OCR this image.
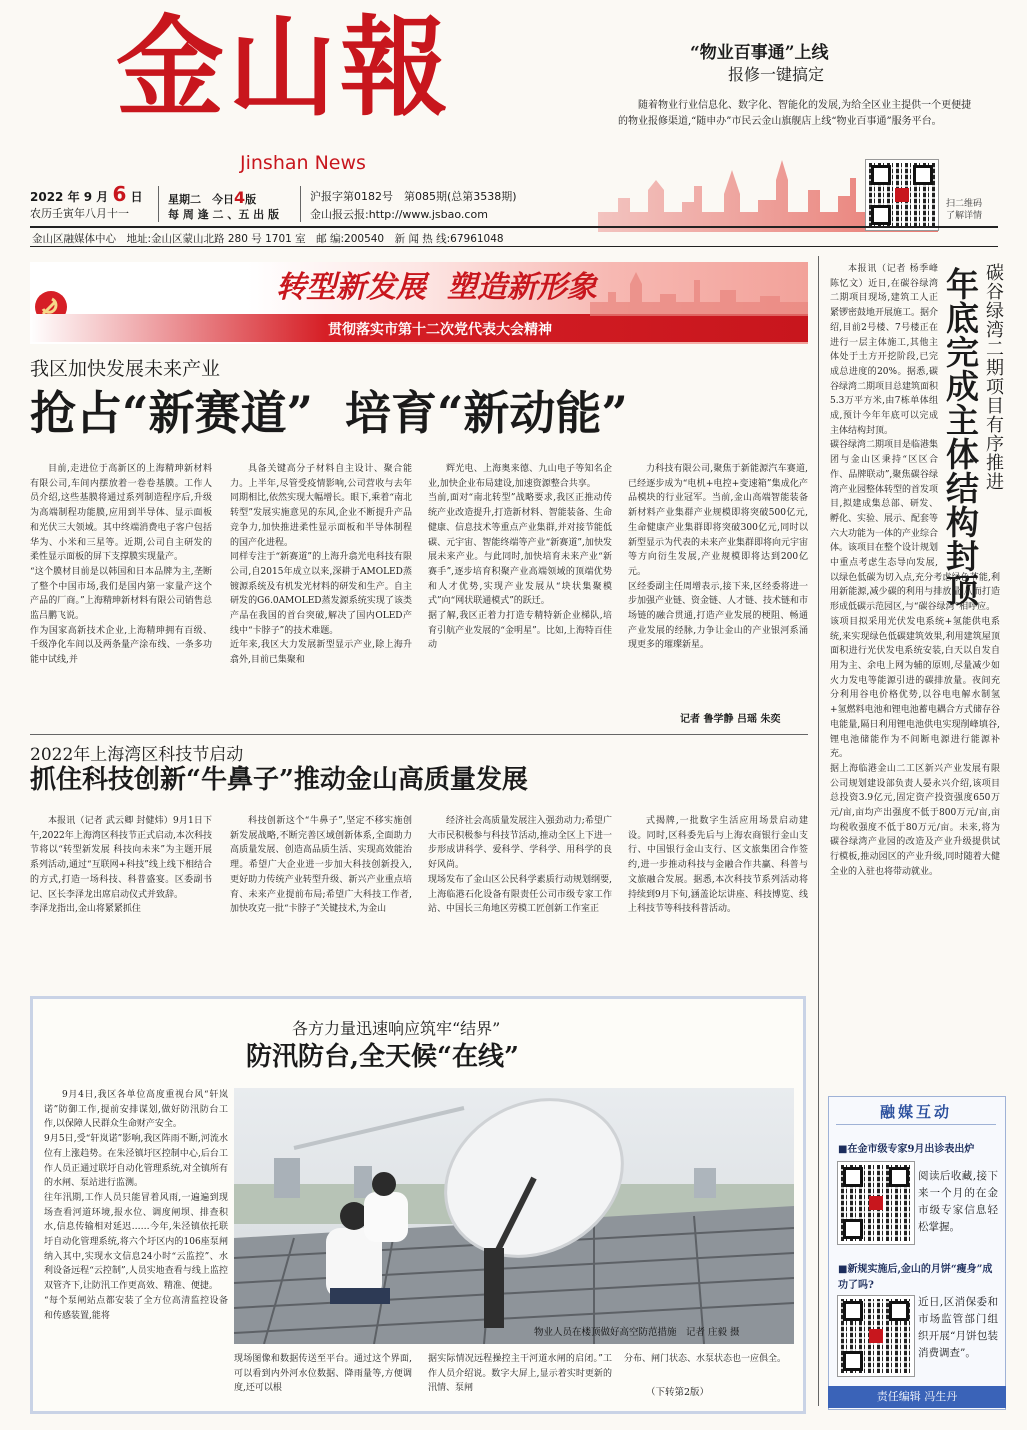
金山報
Jinshan News
2022 年 9 月 6 日
农历壬寅年八月十一
星期二　 今日4版
每 周 逢 二 、五 出 版
沪报字第0182号　第085期(总第3538期)
金山报云报:http://www.jsbao.com
“物业百事通”上线
报修一键搞定
随着物业行业信息化、数字化、智能化的发展,为给全区业主提供一个更便捷的物业报修渠道,“随申办”市民云金山旗舰店上线“物业百事通”服务平台。
扫二维码
了解详情
金山区融媒体中心　地址:金山区蒙山北路 280 号 1701 室　邮 编:200540　新 闻 热 线:67961048
转型新发展  塑造新形象
贯彻落实市第十二次党代表大会精神
我区加快发展未来产业
抢占“新赛道”  培育“新动能”
目前,走进位于高新区的上海精珅新材料有限公司,车间内摆放着一卷卷基膜。工作人员介绍,这些基膜将通过系列制造程序后,升级为高端制程功能膜,应用到半导体、显示面板和光伏三大领域。其中终端消费电子客户包括华为、小米和三星等。近期,公司自主研发的柔性显示面板的屏下支撑膜实现量产。
“这个膜材目前是以韩国和日本品牌为主,垄断了整个中国市场,我们是国内第一家量产这个产品的厂商。”上海精珅新材料有限公司销售总监吕鹏飞说。
作为国家高新技术企业,上海精珅拥有百级、千级净化车间以及两条量产涂布线、一条多功能中试线,并
具备关键高分子材料自主设计、聚合能力。上半年,尽管受疫情影响,公司营收与去年同期相比,依然实现大幅增长。眼下,乘着“南北转型”发展实施意见的东风,企业不断提升产品竞争力,加快推进柔性显示面板和半导体制程的国产化进程。
同样专注于“新赛道”的上海升翕光电科技有限公司,自2015年成立以来,深耕于AMOLED蒸镀源系统及有机发光材料的研发和生产。自主研发的G6.0AMOLED蒸发源系统实现了该类产品在我国的首台突破,解决了国内OLED产线中“卡脖子”的技术难题。
近年来,我区大力发展新型显示产业,除上海升翕外,目前已集聚和
辉光电、上海奥来德、九山电子等知名企业,加快企业布局建设,加速资源整合共享。
当前,面对“南北转型”战略要求,我区正推动传统产业改造提升,打造新材料、智能装备、生命健康、信息技术等重点产业集群,并对接节能低碳、元宇宙、智能终端等产业“新赛道”,加快发展未来产业。与此同时,加快培育未来产业“新赛手”,逐步培育积聚产业高端领域的顶端优势和人才优势,实现产业发展从“块状集聚模式”向“网状联通模式”的跃迁。
据了解,我区正着力打造专精特新企业梯队,培育引航产业发展的“金明星”。比如,上海特百佳动
力科技有限公司,聚焦于新能源汽车赛道,已经逐步成为“电机+电控+变速箱”集成化产品模块的行业冠军。当前,金山高端智能装备新材料产业集群产业规模即将突破500亿元,生命健康产业集群即将突破300亿元,同时以新型显示为代表的未来产业集群即将向元宇宙等方向衍生发展,产业规模即将达到200亿元。
区经委副主任周增表示,接下来,区经委将进一步加强产业链、资金链、人才链、技术链和市场链的融合贯通,打造产业发展的梗阻、畅通产业发展的经脉,力争让金山的产业银河系涌现更多的璀璨新星。
记者 鲁学静 吕瑶 朱奕
2022年上海湾区科技节启动
抓住科技创新“牛鼻子”推动金山高质量发展
本报讯（记者 武云卿 封健炜）9月1日下午,2022年上海湾区科技节正式启动,本次科技节将以“转型新发展 科技向未来”为主题开展系列活动,通过“互联网+科技”线上线下相结合的方式,打造一场科技、科普盛宴。区委副书记、区长李泽龙出席启动仪式并致辞。
李泽龙指出,金山将紧紧抓住
科技创新这个“牛鼻子”,坚定不移实施创新发展战略,不断完善区域创新体系,全面助力高质量发展、创造高品质生活、实现高效能治理。希望广大企业进一步加大科技创新投入,更好助力传统产业转型升级、新兴产业重点培育、未来产业提前布局;希望广大科技工作者,加快攻克一批“卡脖子”关键技术,为金山
经济社会高质量发展注入强劲动力;希望广大市民积极参与科技节活动,推动全区上下进一步形成讲科学、爱科学、学科学、用科学的良好风尚。
现场发布了金山区公民科学素质行动规划纲要,上海临港石化设备有限责任公司市级专家工作站、中国长三角地区劳模工匠创新工作室正
式揭牌,一批数字生活应用场景启动建设。同时,区科委先后与上海农商银行金山支行、中国银行金山支行、区文旅集团合作签约,进一步推动科技与金融合作共赢、科普与文旅融合发展。据悉,本次科技节系列活动将持续到9月下旬,涵盖论坛讲座、科技博览、线上科技节等科技科普活动。
各方力量迅速响应筑牢“结界”
防汛防台,全天候“在线”
9月4日,我区各单位高度重视台风“轩岚诺”防御工作,提前安排谋划,做好防汛防台工作,以保障人民群众生命财产安全。
9月5日,受“轩岚诺”影响,我区阵雨不断,河流水位有上涨趋势。在朱泾镇圩区控制中心,后台工作人员正通过联圩自动化管理系统,对全镇所有的水闸、泵站进行监测。
往年汛期,工作人员只能冒着风雨,一遍遍到现场查看河道环境,报水位、调度闸坝、排查积水,信息传输相对延迟……今年,朱泾镇依托联圩自动化管理系统,将六个圩区内的106座泵闸纳入其中,实现水文信息24小时“云监控”、水利设备远程“云控制”,人员实地查看与线上监控双管齐下,让防汛工作更高效、精准、便捷。
“每个泵闸站点都安装了全方位高清监控设备和传感装置,能将
物业人员在楼顶做好高空防范措施　记者 庄毅 摄
现场图像和数据传送至平台。通过这个界面,可以看到内外河水位数据、降雨量等,方便调度,还可以根
据实际情况远程操控主干河道水闸的启闭。”工作人员介绍说。数字大屏上,显示着实时更新的汛情、泵闸
分布、闸门状态、水泵状态也一应俱全。
（下转第2版）
碳谷绿湾二期项目有序推进
年底完成主体结构封顶
本报讯（记者 杨季峰 陈忆文）近日,在碳谷绿湾二期项目现场,建筑工人正紧锣密鼓地开展施工。据介绍,目前2号楼、7号楼正在进行一层主体施工,其他主体处于土方开挖阶段,已完成总进度的20%。据悉,碳谷绿湾二期项目总建筑面积5.3万平方米,由7栋单体组成,预计今年年底可以完成主体结构封顶。
碳谷绿湾二期项目是临港集团与金山区秉持“区区合作、品牌联动”,聚焦碳谷绿湾产业园整体转型的首发项目,拟建成集总部、研发、孵化、实验、展示、配套等六大功能为一体的产业综合体。该项目在整个设计规划中重点考虑生态导向发展,以绿色低碳为切入点,充分考虑绿色节能,利用新能源,减少碳的利用与排放量,从而打造形成低碳示范园区,与“碳谷绿湾”相呼应。
该项目拟采用光伏发电系统+氢能供电系统,来实现绿色低碳建筑效果,利用建筑屋顶面积进行光伏发电系统安装,白天以自发自用为主、余电上网为辅的原则,尽量减少如火力发电等能源引进的碳排放量。夜间充分利用谷电价格优势,以谷电电解水制氢+氢燃料电池和锂电池蓄电耦合方式储存谷电能量,隔日利用锂电池供电实现削峰填谷,锂电池储能作为不间断电源进行能源补充。
据上海临港金山二工区新兴产业发展有限公司规划建设部负责人晏永兴介绍,该项目总投资3.9亿元,固定资产投资强度650万元/亩,亩均产出强度不低于800万元/亩,亩均税收强度不低于80万元/亩。未来,将为碳谷绿湾产业园的改造及产业升级提供试行模板,推动园区的产业升级,同时随着大健全业的入驻也将带动就业。
融媒互动
■在金市级专家9月出诊表出炉
阅读后收藏,接下来一个月的在金市级专家信息轻松掌握。
■新规实施后,金山的月饼“瘦身”成功了吗?
近日,区消保委和市场监管部门组织开展“月饼包装消费调查”。
责任编辑 冯生丹
